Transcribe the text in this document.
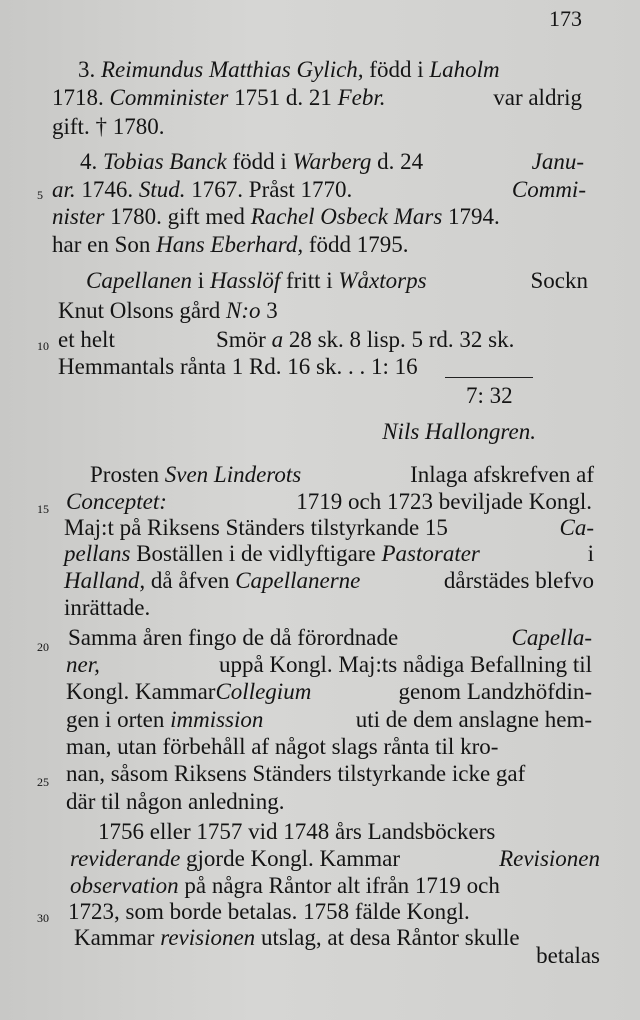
173
5
10
15
20
25
30
3. Reimundus Matthias Gylich, född i Laholm
1718. Comminister 1751 d. 21 Febr.	var aldrig
gift. † 1780.
4. Tobias Banck född i Warberg d. 24	Janu-
ar. 1746. Stud. 1767. Pråst 1770.	Commi-
nister 1780. gift med Rachel Osbeck Mars 1794.
har en Son Hans Eberhard, född 1795.
Capellanen i Hasslöf fritt i Wåxtorps	Sockn
Knut Olsons gård N:o 3
et helt	Smör a 28 sk. 8 lisp. 5 rd. 32 sk.
Hemmantals rånta 1 Rd. 16 sk. . . 1: 16
7: 32
Nils Hallongren.
Prosten Sven Linderots	Inlaga afskrefven af
Conceptet:	1719 och 1723 beviljade Kongl.
Maj:t på Riksens Ständers tilstyrkande 15	Ca-
pellans Boställen i de vidlyftigare Pastorater	i
Halland, då åfven Capellanerne	dårstädes blefvo
inrättade.
Samma åren fingo de då förordnade	Capella-
ner,	uppå Kongl. Maj:ts nådiga Befallning til
Kongl. KammarCollegium	genom Landzhöfdin-
gen i orten immission	uti de dem anslagne hem-
man, utan förbehåll af något slags rånta til kro-
nan, såsom Riksens Ständers tilstyrkande icke gaf
där til någon anledning.
1756 eller 1757 vid 1748 års Landsböckers
reviderande gjorde Kongl. Kammar	Revisionen
observation på några Råntor alt ifrån 1719 och
1723, som borde betalas. 1758 fälde Kongl.
Kammar revisionen utslag, at desa Råntor skulle
betalas
